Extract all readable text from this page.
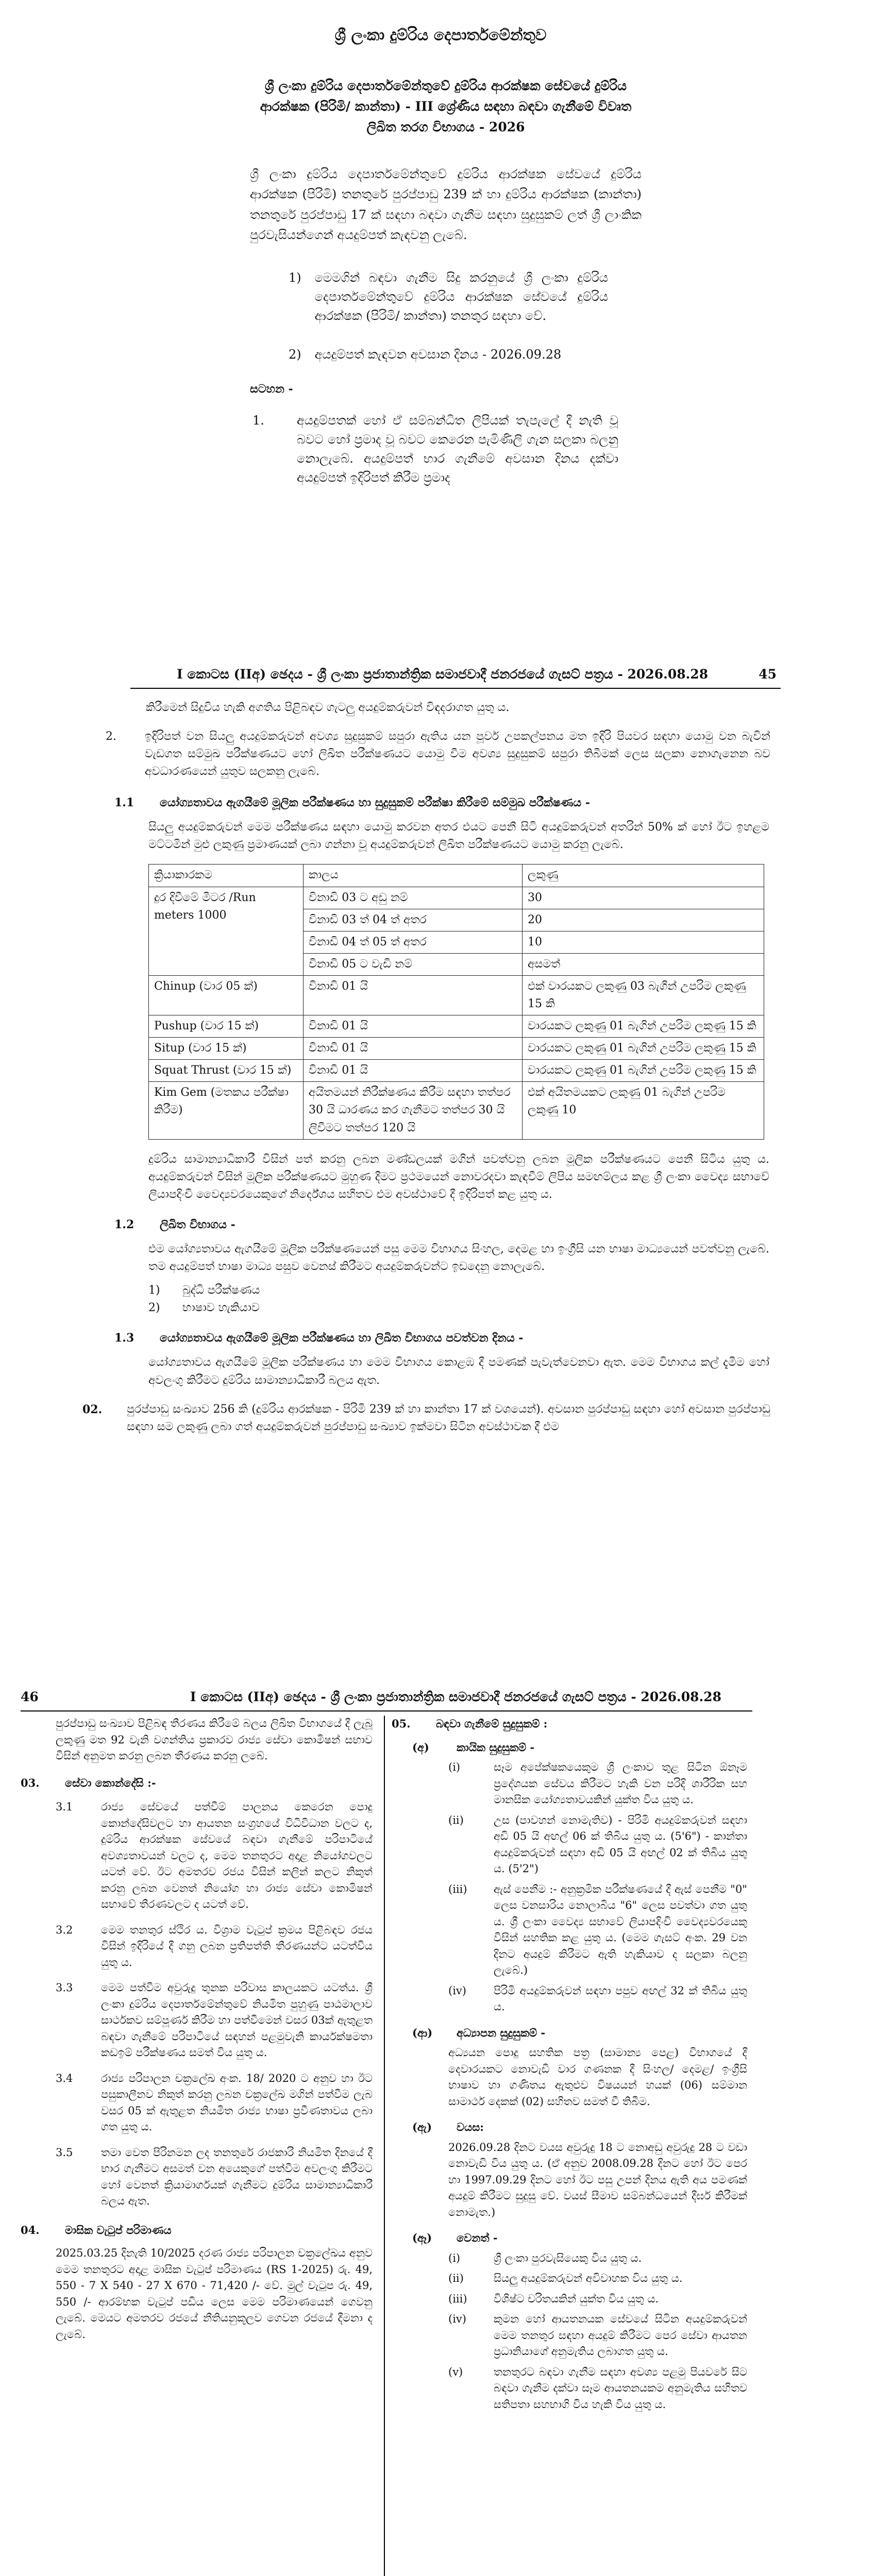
ශ්‍රී ලංකා දුම්රිය දෙපාර්තමේන්තුව
ශ්‍රී ලංකා දුම්රිය දෙපාර්තමේන්තුවේ දුම්රිය ආරක්ෂක සේවයේ දුම්රිය ආරක්ෂක (පිරිමි/ කාන්තා) - III ශ්‍රේණිය සඳහා බඳවා ගැනීමේ විවෘත ලිඛිත තරග විභාගය - 2026
ශ්‍රී ලංකා දුම්රිය දෙපාර්තමේන්තුවේ දුම්රිය ආරක්ෂක සේවයේ දුම්රිය ආරක්ෂක (පිරිමි) තනතුරේ පුරප්පාඩු 239 ක් හා දුම්රිය ආරක්ෂක (කාන්තා) තනතුරේ පුරප්පාඩු 17 ක් සඳහා බඳවා ගැනීම සඳහා සුදුසුකම් ලත් ශ්‍රී ලාංකික පුරවැසියන්ගෙන් අයදුම්පත් කැඳවනු ලැබේ.
1) මෙමගින් බඳවා ගැනීම සිදු කරනුයේ ශ්‍රී ලංකා දුම්රිය දෙපාර්තමේන්තුවේ දුම්රිය ආරක්ෂක සේවයේ දුම්රිය ආරක්ෂක (පිරිමි/ කාන්තා) තනතුර සඳහා වේ.
2) අයදුම්පත් කැඳවන අවසාන දිනය - 2026.09.28
සටහන -
1.	අයදුම්පතක් හෝ ඒ සම්බන්ධිත ලිපියක් තැපැලේ දී නැති වූ බවට හෝ ප්‍රමාද වූ බවට කෙරෙන පැමිණිලි ගැන සලකා බලනු නොලැබේ. අයදුම්පත් භාර ගැනීමේ අවසාන දිනය දක්වා අයදුම්පත් ඉදිරිපත් කිරීම ප්‍රමාද
I කොටස (IIඅ) ඡෙදය - ශ්‍රී ලංකා ප්‍රජාතාන්ත්‍රික සමාජවාදී ජනරජයේ ගැසට් පත්‍රය - 2026.08.28	45
කිරීමෙන් සිදුවිය හැකි අගතිය පිළිබඳව ගැටලු අයදුම්කරුවන් විඳදරාගත යුතු ය.
2.	ඉදිරිපත් වන සියලු අයදුම්කරුවන් අවශ්‍ය සුදුසුකම් සපුරා ඇතිය යන පූර්ව උපකල්පනය මත ඉදිරි පියවර සඳහා යොමු වන බැවින් වැඩගත සම්මුඛ පරීක්ෂණයට හෝ ලිඛිත පරීක්ෂණයට යොමු වීම අවශ්‍ය සුදුසුකම් සපුරා තිබීමක් ලෙස සලකා නොගැනෙන බව අවධාරණයෙන් යුතුව සලකනු ලැබේ.
1.1	යෝග්‍යතාවය ඇගයීමේ මූලික පරීක්ෂණය හා සුදුසුකම් පරීක්ෂා කිරීමේ සම්මුඛ පරීක්ෂණය -
සියලු අයදුම්කරුවන් මෙම පරීක්ෂණය සඳහා යොමු කරවන අතර එයට පෙනී සිටි අයදුම්කරුවන් අතරින් 50% ක් හෝ ඊට ඉහළම මට්ටමින් මුළු ලකුණු ප්‍රමාණයක් ලබා ගන්නා වූ අයදුම්කරුවන් ලිඛිත පරීක්ෂණයට යොමු කරනු ලැබේ.
ක්‍රියාකාරකම	කාලය	ලකුණු
දුර දිවීමේ මීටර /Run meters 1000	විනාඩි 03 ට අඩු නම්	30
	විනාඩි 03 ත් 04 ත් අතර	20
	විනාඩි 04 ත් 05 ත් අතර	10
	විනාඩි 05 ට වැඩි නම්	අසමත්
Chinup (වාර 05 ක්)	විනාඩි 01 යි	එක් වාරයකට ලකුණු 03 බැගින් උපරිම ලකුණු 15 කි
Pushup (වාර 15 ක්)	විනාඩි 01 යි	වාරයකට ලකුණු 01 බැගින් උපරිම ලකුණු 15 කි
Situp (වාර 15 ක්)	විනාඩි 01 යි	වාරයකට ලකුණු 01 බැගින් උපරිම ලකුණු 15 කි
Squat Thrust (වාර 15 ක්)	විනාඩි 01 යි	වාරයකට ලකුණු 01 බැගින් උපරිම ලකුණු 15 කි
Kim Gem (මතකය පරීක්ෂා කිරීම)	අයිතමයන් නිරීක්ෂණය කිරීම සඳහා තත්පර 30 යි ධාරණය කර ගැනීමට තත්පර 30 යි ලිවීමට තත්පර 120 යි	එක් අයිතමයකට ලකුණු 01 බැගින් උපරිම ලකුණු 10
දුම්රිය සාමාන්‍යාධිකාරී විසින් පත් කරනු ලබන මණ්ඩලයක් මගින් පවත්වනු ලබන මූලික පරීක්ෂණයට පෙනී සිටිය යුතු ය. අයදුම්කරුවන් විසින් මූලික පරීක්ෂණයට මුහුණ දීමට ප්‍රථමයෙන් නොවරදවා කැඳවීම් ලිපිය සමඟම්ලය කළ ශ්‍රී ලංකා වෛද්‍ය සභාවේ ලියාපදිංචි වෛද්‍යවරයෙකුගේ නිර්දේශය සහිතව එම අවස්ථාවේ දී ඉදිරිපත් කළ යුතු ය.
1.2	ලිඛිත විභාගය -
එම යෝග්‍යතාවය ඇගයීමේ මූලික පරීක්ෂණයෙන් පසු මෙම විභාගය සිංහල, දෙමළ හා ඉංග්‍රීසි යන භාෂා මාධ්‍යයෙන් පවත්වනු ලැබේ. තම අයදුම්පත් භාෂා මාධ්‍ය පසුව වෙනස් කිරීමට අයදුම්කරුවන්ට ඉඩදෙනු නොලැබේ.
1)	බුද්ධි පරීක්ෂණය
2)	භාෂාව හැකියාව
1.3	යෝග්‍යතාවය ඇගයීමේ මූලික පරීක්ෂණය හා ලිඛිත විභාගය පවත්වන දිනය -
යෝග්‍යතාවය ඇගයීමේ මූලික පරීක්ෂණය හා මෙම විභාගය කොළඹ දී පමණක් පැවැත්වෙනවා ඇත. මෙම විභාගය කල් දැමීම හෝ අවලංගු කිරීමට දුම්රිය සාමාන්‍යාධිකාරී බලය ඇත.
02.	පුරප්පාඩු සංඛ්‍යාව 256 කි (දුම්රිය ආරක්ෂක - පිරිමි 239 ක් හා කාන්තා 17 ක් වශයෙන්). අවසාන පුරප්පාඩු සඳහා හෝ අවසාන පුරප්පාඩු සඳහා සම ලකුණු ලබා ගත් අයදුම්කරුවන් පුරප්පාඩු සංඛ්‍යාව ඉක්මවා සිටින අවස්ථාවක දී එම
46	I කොටස (IIඅ) ඡෙදය - ශ්‍රී ලංකා ප්‍රජාතාන්ත්‍රික සමාජවාදී ජනරජයේ ගැසට් පත්‍රය - 2026.08.28
පුරප්පාඩු සංඛ්‍යාව පිළිබඳ තීරණය කිරීමේ බලය ලිඛිත විභාගයේ දී ලැබූ ලකුණු මත 92 වැනි වගන්තිය ප්‍රකාරව රාජ්‍ය සේවා කොමිෂන් සභාව විසින් අනුමත කරනු ලබන තීරණය කරනු ලබේ.
03.	සේවා කොන්දේසි :-
3.1	රාජ්‍ය සේවයේ පත්වීම් පාලනය කෙරෙන පොදු කොන්දේසිවලට හා ආයතන සංග්‍රහයේ විධිවිධාන වලට ද, දුම්රිය ආරක්ෂක සේවයේ බඳවා ගැනීමේ පරිපාටියේ අවශ්‍යතාවයන් වලට ද, මෙම තනතුරට අදාළ නියෝගවලට යටත් වේ. ඊට අමතරව රජය විසින් කලින් කලට නිකුත් කරනු ලබන වෙනත් නියෝග හා රාජ්‍ය සේවා කොමිෂන් සභාවේ තීරණවලට ද යටත් වේ.
3.2	මෙම තනතුර ස්ථිර ය. විශ්‍රාම වැටුප් ක්‍රමය පිළිබඳව රජය විසින් ඉදිරියේ දී ගනු ලබන ප්‍රතිපත්ති තීරණයන්ට යටත්විය යුතු ය.
3.3	මෙම පත්වීම අවුරුදු තුනක පරිවාස කාලයකට යටත්ය. ශ්‍රී ලංකා දුම්රිය දෙපාර්තමේන්තුවේ නියමිත පුහුණු පාඨමාලාව සාර්ථකව සම්පූර්ණ කිරීම හා පත්වීමෙන් වසර 03ක් ඇතුළත බඳවා ගැනීමේ පරිපාටියේ සඳහන් පළමුවැනි කාර්යක්ෂමතා කඩඉම් පරීක්ෂණය සමත් විය යුතු ය.
3.4	රාජ්‍ය පරිපාලන චක්‍රලේඛ අංක. 18/ 2020 ට අනුව හා ඊට පසුකාලීනව නිකුත් කරනු ලබන චක්‍රලේඛ මගින් පත්වීම ලැබ වසර 05 ක් ඇතුළත නියමිත රාජ්‍ය භාෂා ප්‍රවීණතාවය ලබා ගත යුතු ය.
3.5	තමා වෙත පිරිනමන ලද තනතුරේ රාජකාරි නියමිත දිනයේ දී භාර ගැනීමට අසමත් වන අයෙකුගේ පත්වීම අවලංගු කිරීමට හෝ වෙනත් ක්‍රියාමාර්ගයක් ගැනීමට දුම්රිය සාමාන්‍යාධිකාරී බලය ඇත.
04.	මාසික වැටුප් පරිමාණය
2025.03.25 දිනැති 10/2025 දරණ රාජ්‍ය පරිපාලන චක්‍රලේඛය අනුව මෙම තනතුරට අදාළ මාසික වැටුප් පරිමාණය (RS 1-2025) රු. 49, 550 - 7 X 540 - 27 X 670 - 71,420 /- වේ. මුල් වැටුප රු. 49, 550 /- ආරම්භක වැටුප් පඩිය ලෙස මෙම පරිමාණයෙන් ගෙවනු ලැබේ. මෙයට අමතරව රජයේ නීතියනුකූලව ගෙවන රජයේ දීමනා ද ලැබේ.
05.	බඳවා ගැනීමේ සුදුසුකම් :
(අ)	කායික සුදුසුකම් -
(i)	සෑම අපේක්ෂකයෙකුම ශ්‍රී ලංකාව තුළ සිටින ඕනෑම ප්‍රදේශයක සේවය කිරීමට හැකි වන පරිදි ශාරීරික සහ මානසික යෝග්‍යතාවයකින් යුක්ත විය යුතු ය.
(ii)	උස (පාවහන් නොමැතිව) - පිරිමි අයදුම්කරුවන් සඳහා අඩි 05 යි අඟල් 06 ක් තිබිය යුතු ය. (5'6") - කාන්තා අයදුම්කරුවන් සඳහා අඩි 05 යි අඟල් 02 ක් තිබිය යුතු ය. (5'2")
(iii)	ඇස් පෙනීම :- අනුක්‍රමික පරීක්ෂණයේ දී ඇස් පෙනීම "0" ලෙස වනසාරිය නොලාබිය "6" ලෙස පවත්වා ගත යුතු ය. ශ්‍රී ලංකා වෛද්‍ය සභාවේ ලියාපදිංචි වෛද්‍යවරයෙකු විසින් සහතික කළ යුතු ය. (මෙම ගැසට් අංක. 29 වන දිනට අයදුම් කිරීමට ඇති හැකියාව ද සලකා බලනු ලැබේ.)
(iv)	පිරිමි අයදුම්කරුවන් සඳහා පපුව අඟල් 32 ක් තිබිය යුතු ය.
(ආ)	අධ්‍යාපන සුදුසුකම් -
අධ්‍යයන පොදු සහතික පත්‍ර (සාමාන්‍ය පෙළ) විභාගයේ දී දෙවාරයකට නොවැඩි වාර ගණනක දී සිංහල/ දෙමළ/ ඉංග්‍රීසි භාෂාව හා ගණිතය ඇතුළුව විෂයයන් හයක් (06) සම්මාන සාමාර්ථ දෙකක් (02) සහිතව සමත් වී තිබීම.
(ඇ)	වයස:
2026.09.28 දිනට වයස අවුරුදු 18 ට නොඅඩු අවුරුදු 28 ට වඩා නොවැඩි විය යුතු ය. (ඒ අනුව 2008.09.28 දිනට හෝ ඊට පෙර හා 1997.09.29 දිනට හෝ ඊට පසු උපන් දිනය ඇති අය පමණක් අයදුම් කිරීමට සුදුසු වේ. වයස් සීමාව සම්බන්ධයෙන් දීර්ඝ කිරීමක් නොමැත.)
(ඈ)	වෙනත් -
(i)	ශ්‍රී ලංකා පුරවැසියෙකු විය යුතු ය.
(ii)	සියලු අයදුම්කරුවන් අවිවාහක විය යුතු ය.
(iii)	විශිෂ්ට චරිතයකින් යුක්ත විය යුතු ය.
(iv)	කුමන හෝ ආයතනයක සේවයේ සිටින අයදුම්කරුවන් මෙම තනතුර සඳහා අයදුම් කිරීමට පෙර සේවා ආයතන ප්‍රධානියාගේ අනුමැතිය ලබාගත යුතු ය.
(v)	තනතුරට බඳවා ගැනීම සඳහා අවශ්‍ය පළමු පියවරේ සිට බඳවා ගැනීම දක්වා සෑම ආයතනයකම අනුමැතිය සහිතව සතිපතා සහභාගි විය හැකි විය යුතු ය.
